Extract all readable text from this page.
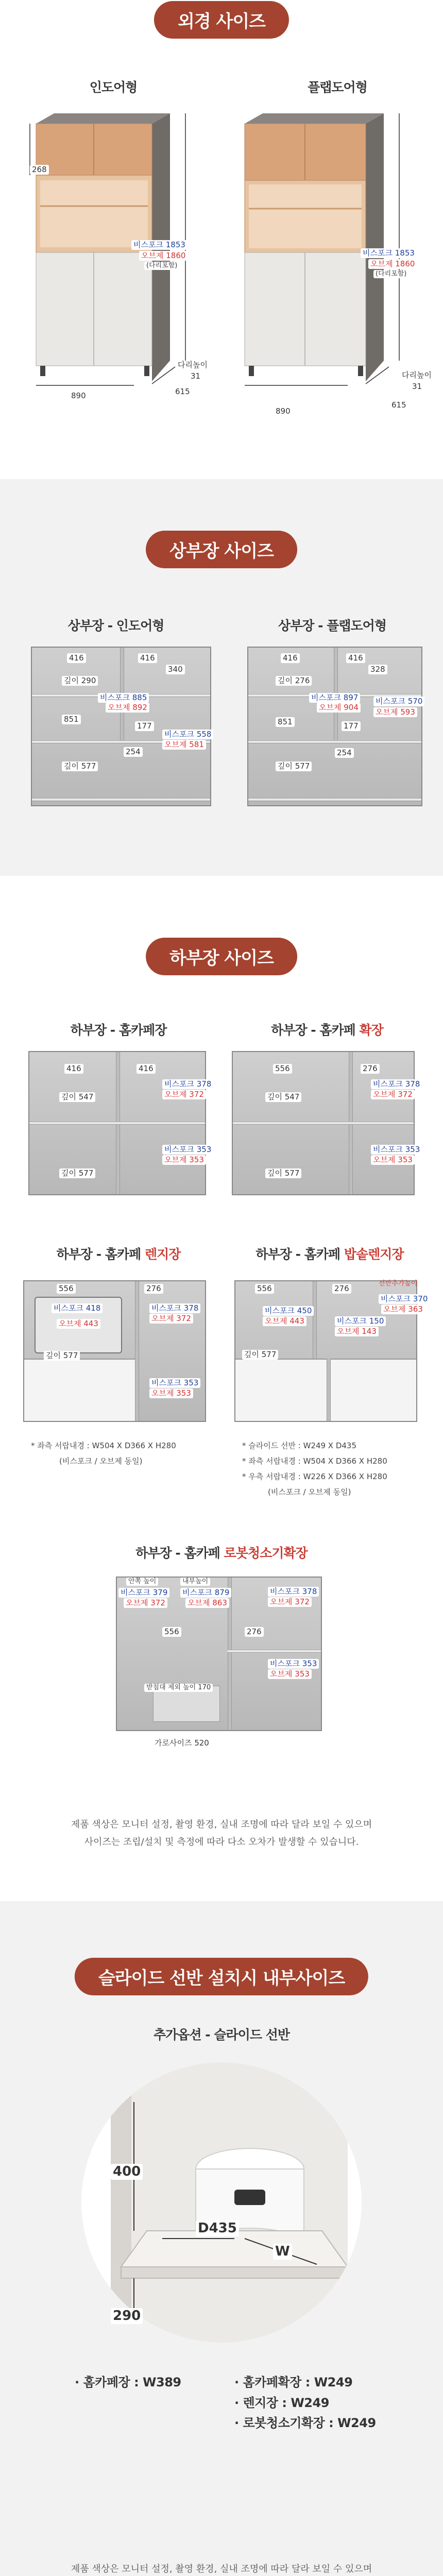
외경 사이즈
인도어형
268
비스포크 1853
오브제 1860
(다리포함)
다리높이
31
890	615
플랩도어형
비스포크 1853
오브제 1860
(다리포함)
다리높이
31
890
615
상부장 사이즈
상부장 - 인도어형
416	416
340
깊이 290
비스포크 885
오브제 892
851
177
비스포크 558
오브제 581
254
깊이 577
상부장 - 플랩도어형
416	416
328
깊이 276
비스포크 897
오브제 904
비스포크 570
오브제 593
851	177
254
깊이 577
하부장 사이즈
하부장 - 홈카페장
416	416
비스포크 378
오브제 372
깊이 547
비스포크 353
오브제 353
깊이 577
하부장 - 홈카페 확장
556	276
비스포크 378
오브제 372
깊이 547
비스포크 353
오브제 353
깊이 577
하부장 - 홈카페 렌지장
556	276
비스포크 418
오브제 443
비스포크 378
오브제 372
깊이 577
비스포크 353
오브제 353
* 좌측 서랍내경 : W504 X D366 X H280
(비스포크 / 오브제 동일)
하부장 - 홈카페 밥솥렌지장
556	276
비스포크 450
오브제 443	비스포크 150
오브제 143
선반추가높이
비스포크 370
오브제 363
깊이 577
* 슬라이드 선반 : W249 X D435
* 좌측 서랍내경 : W504 X D366 X H280
* 우측 서랍내경 : W226 X D366 X H280
(비스포크 / 오브제 동일)
하부장 - 홈카페 로봇청소기확장
안쪽 높이
비스포크 379
오브제 372
내부높이
비스포크 879
오브제 863
비스포크 378
오브제 372
556	276
비스포크 353
오브제 353
받침대 제외 높이 170
가로사이즈 520
제품 색상은 모니터 설정, 촬영 환경, 실내 조명에 따라 달라 보일 수 있으며
사이즈는 조립/설치 및 측정에 따라 다소 오차가 발생할 수 있습니다.
슬라이드 선반 설치시 내부사이즈
추가옵션 - 슬라이드 선반
400
290
D435
W
· 홈카페장 : W389	· 홈카페확장 : W249
· 렌지장 : W249
· 로봇청소기확장 : W249
제품 색상은 모니터 설정, 촬영 환경, 실내 조명에 따라 달라 보일 수 있으며
